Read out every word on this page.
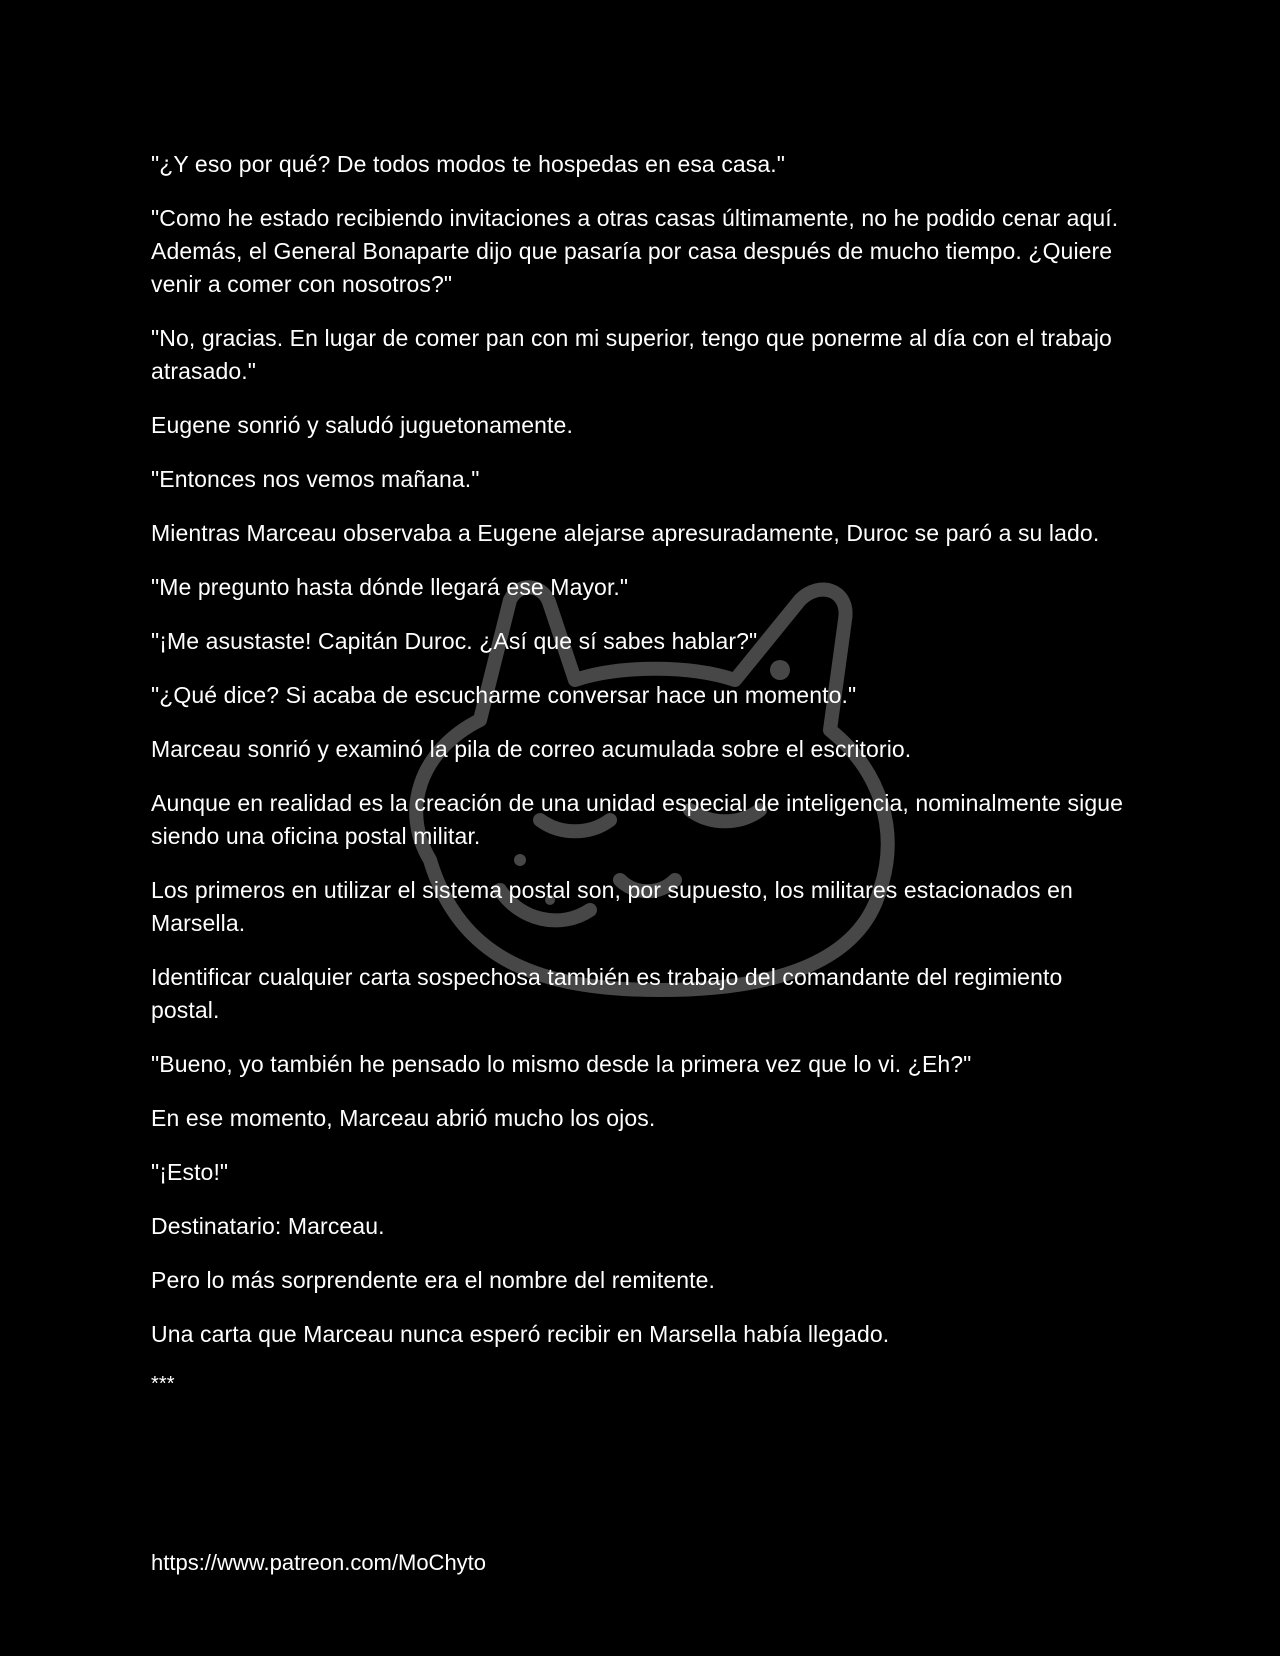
"¿Y eso por qué? De todos modos te hospedas en esa casa."

"Como he estado recibiendo invitaciones a otras casas últimamente, no he podido cenar aquí. Además, el General Bonaparte dijo que pasaría por casa después de mucho tiempo. ¿Quiere venir a comer con nosotros?"

"No, gracias. En lugar de comer pan con mi superior, tengo que ponerme al día con el trabajo atrasado."

Eugene sonrió y saludó juguetonamente.

"Entonces nos vemos mañana."

Mientras Marceau observaba a Eugene alejarse apresuradamente, Duroc se paró a su lado.

"Me pregunto hasta dónde llegará ese Mayor."

"¡Me asustaste! Capitán Duroc. ¿Así que sí sabes hablar?"

"¿Qué dice? Si acaba de escucharme conversar hace un momento."

Marceau sonrió y examinó la pila de correo acumulada sobre el escritorio.

Aunque en realidad es la creación de una unidad especial de inteligencia, nominalmente sigue siendo una oficina postal militar.

Los primeros en utilizar el sistema postal son, por supuesto, los militares estacionados en Marsella.

Identificar cualquier carta sospechosa también es trabajo del comandante del regimiento postal.

"Bueno, yo también he pensado lo mismo desde la primera vez que lo vi. ¿Eh?"

En ese momento, Marceau abrió mucho los ojos.

"¡Esto!"

Destinatario: Marceau.

Pero lo más sorprendente era el nombre del remitente.

Una carta que Marceau nunca esperó recibir en Marsella había llegado.

***

https://www.patreon.com/MoChyto
